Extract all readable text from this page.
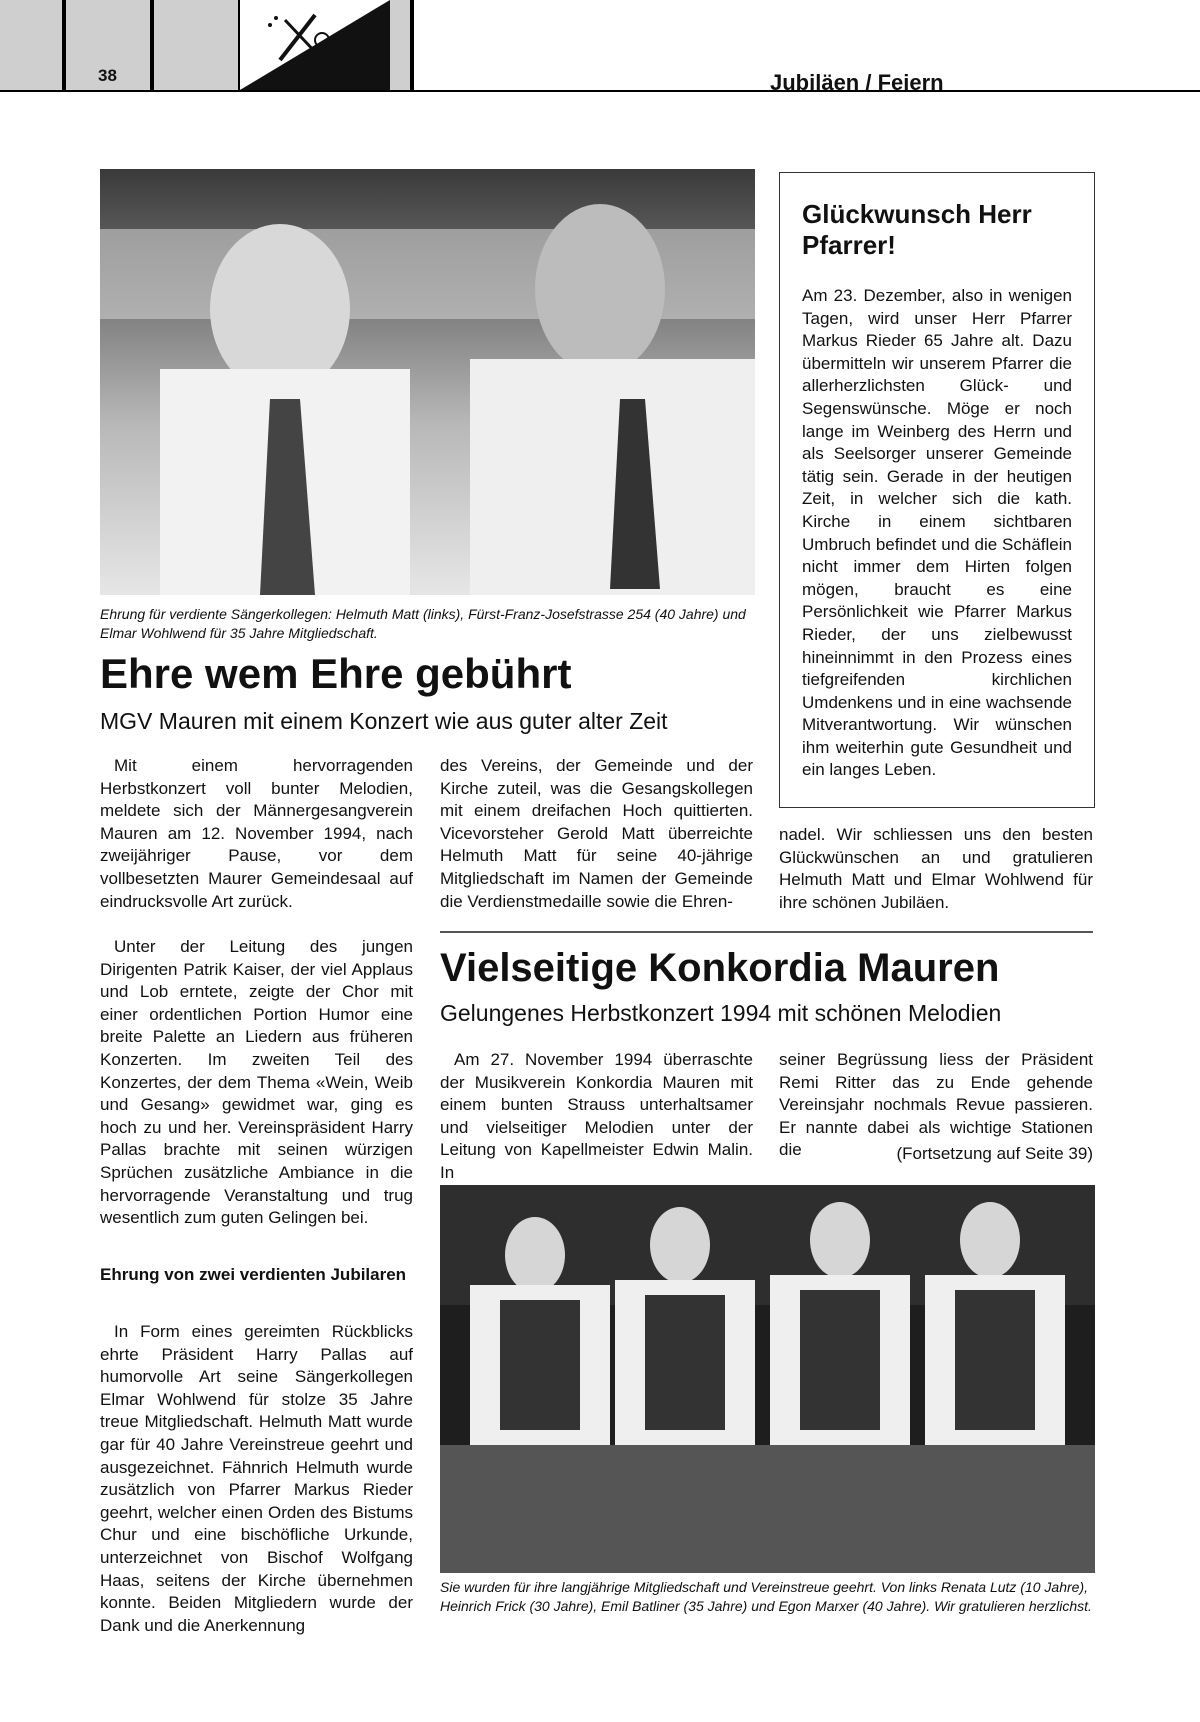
38	Jubiläen / Feiern
Ehrung für verdiente Sängerkollegen: Helmuth Matt (links), Fürst-Franz-Josefstrasse 254 (40 Jahre) und Elmar Wohlwend für 35 Jahre Mitgliedschaft.
Glückwunsch Herr Pfarrer!
Am 23. Dezember, also in wenigen Tagen, wird unser Herr Pfarrer Markus Rieder 65 Jahre alt. Dazu übermitteln wir unserem Pfarrer die allerherzlichsten Glück- und Segenswünsche. Möge er noch lange im Weinberg des Herrn und als Seelsorger unserer Gemeinde tätig sein. Gerade in der heutigen Zeit, in welcher sich die kath. Kirche in einem sichtbaren Umbruch befindet und die Schäflein nicht immer dem Hirten folgen mögen, braucht es eine Persönlichkeit wie Pfarrer Markus Rieder, der uns zielbewusst hineinnimmt in den Prozess eines tiefgreifenden kirchlichen Umdenkens und in eine wachsende Mitverantwortung. Wir wünschen ihm weiterhin gute Gesundheit und ein langes Leben.
Ehre wem Ehre gebührt
MGV Mauren mit einem Konzert wie aus guter alter Zeit
Mit einem hervorragenden Herbstkonzert voll bunter Melodien, meldete sich der Männergesangverein Mauren am 12. November 1994, nach zweijähriger Pause, vor dem vollbesetzten Maurer Gemeindesaal auf eindrucksvolle Art zurück.
Unter der Leitung des jungen Dirigenten Patrik Kaiser, der viel Applaus und Lob erntete, zeigte der Chor mit einer ordentlichen Portion Humor eine breite Palette an Liedern aus früheren Konzerten. Im zweiten Teil des Konzertes, der dem Thema «Wein, Weib und Gesang» gewidmet war, ging es hoch zu und her. Vereinspräsident Harry Pallas brachte mit seinen würzigen Sprüchen zusätzliche Ambiance in die hervorragende Veranstaltung und trug wesentlich zum guten Gelingen bei.
Ehrung von zwei verdienten Jubilaren
In Form eines gereimten Rückblicks ehrte Präsident Harry Pallas auf humorvolle Art seine Sängerkollegen Elmar Wohlwend für stolze 35 Jahre treue Mitgliedschaft. Helmuth Matt wurde gar für 40 Jahre Vereinstreue geehrt und ausgezeichnet. Fähnrich Helmuth wurde zusätzlich von Pfarrer Markus Rieder geehrt, welcher einen Orden des Bistums Chur und eine bischöfliche Urkunde, unterzeichnet von Bischof Wolfgang Haas, seitens der Kirche übernehmen konnte. Beiden Mitgliedern wurde der Dank und die Anerkennung
des Vereins, der Gemeinde und der Kirche zuteil, was die Gesangskollegen mit einem dreifachen Hoch quittierten. Vicevorsteher Gerold Matt überreichte Helmuth Matt für seine 40-jährige Mitgliedschaft im Namen der Gemeinde die Verdienstmedaille sowie die Ehren-
nadel. Wir schliessen uns den besten Glückwünschen an und gratulieren Helmuth Matt und Elmar Wohlwend für ihre schönen Jubiläen.
Vielseitige Konkordia Mauren
Gelungenes Herbstkonzert 1994 mit schönen Melodien
Am 27. November 1994 überraschte der Musikverein Konkordia Mauren mit einem bunten Strauss unterhaltsamer und vielseitiger Melodien unter der Leitung von Kapellmeister Edwin Malin. In
seiner Begrüssung liess der Präsident Remi Ritter das zu Ende gehende Vereinsjahr nochmals Revue passieren. Er nannte dabei als wichtige Stationen die	(Fortsetzung auf Seite 39)
Sie wurden für ihre langjährige Mitgliedschaft und Vereinstreue geehrt. Von links Renata Lutz (10 Jahre), Heinrich Frick (30 Jahre), Emil Batliner (35 Jahre) und Egon Marxer (40 Jahre). Wir gratulieren herzlichst.
